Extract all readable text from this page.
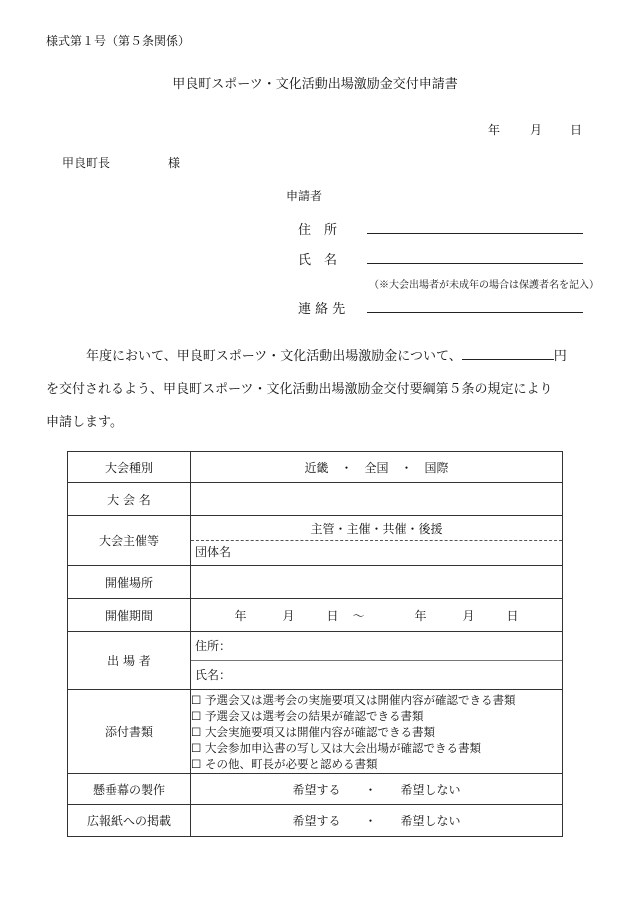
様式第１号（第５条関係）
甲良町スポーツ・文化活動出場激励金交付申請書
年 月 日
甲良町長	様
申請者
住　所
氏　名
（※大会出場者が未成年の場合は保護者名を記入）
連 絡 先
年度において、甲良町スポーツ・文化活動出場激励金について、	円
を交付されるよう、甲良町スポーツ・文化活動出場激励金交付要綱第５条の規定により
申請します。
大会種別	近畿 ・ 全国 ・ 国際
大 会 名	
大会主催等	主管・主催・共催・後援
団体名

開催場所	
開催期間	年 月 日 ～ 年 月 日
出 場 者	住所：
氏名：

添付書類	☐ 予選会又は選考会の実施要項又は開催内容が確認できる書類
☐ 予選会又は選考会の結果が確認できる書類
☐ 大会実施要項又は開催内容が確認できる書類
☐ 大会参加申込書の写し又は大会出場が確認できる書類
☐ その他、町長が必要と認める書類

懸垂幕の製作	希望する ・ 希望しない
広報紙への掲載	希望する ・ 希望しない
